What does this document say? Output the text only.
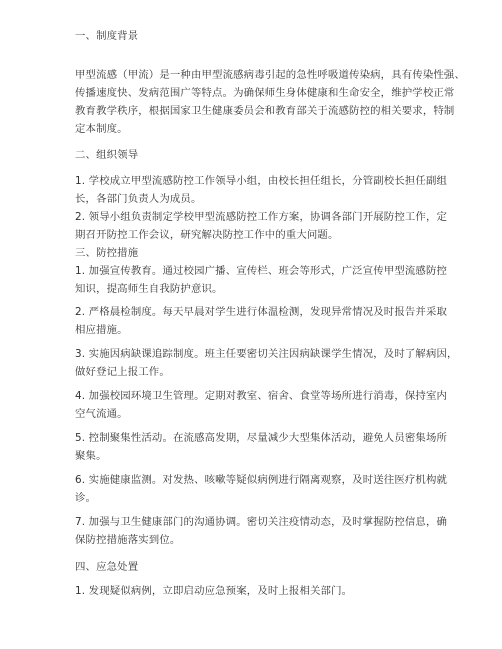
一、制度背景
甲型流感（甲流）是一种由甲型流感病毒引起的急性呼吸道传染病，具有传染性强、
传播速度快、发病范围广等特点。为确保师生身体健康和生命安全，维护学校正常
教育教学秩序，根据国家卫生健康委员会和教育部关于流感防控的相关要求，特制
定本制度。
二、组织领导
1. 学校成立甲型流感防控工作领导小组，由校长担任组长，分管副校长担任副组
长，各部门负责人为成员。
2. 领导小组负责制定学校甲型流感防控工作方案，协调各部门开展防控工作，定
期召开防控工作会议，研究解决防控工作中的重大问题。
三、防控措施
1. 加强宣传教育。通过校园广播、宣传栏、班会等形式，广泛宣传甲型流感防控
知识，提高师生自我防护意识。
2. 严格晨检制度。每天早晨对学生进行体温检测，发现异常情况及时报告并采取
相应措施。
3. 实施因病缺课追踪制度。班主任要密切关注因病缺课学生情况，及时了解病因，
做好登记上报工作。
4. 加强校园环境卫生管理。定期对教室、宿舍、食堂等场所进行消毒，保持室内
空气流通。
5. 控制聚集性活动。在流感高发期，尽量减少大型集体活动，避免人员密集场所
聚集。
6. 实施健康监测。对发热、咳嗽等疑似病例进行隔离观察，及时送往医疗机构就
诊。
7. 加强与卫生健康部门的沟通协调。密切关注疫情动态，及时掌握防控信息，确
保防控措施落实到位。
四、应急处置
1. 发现疑似病例，立即启动应急预案，及时上报相关部门。
